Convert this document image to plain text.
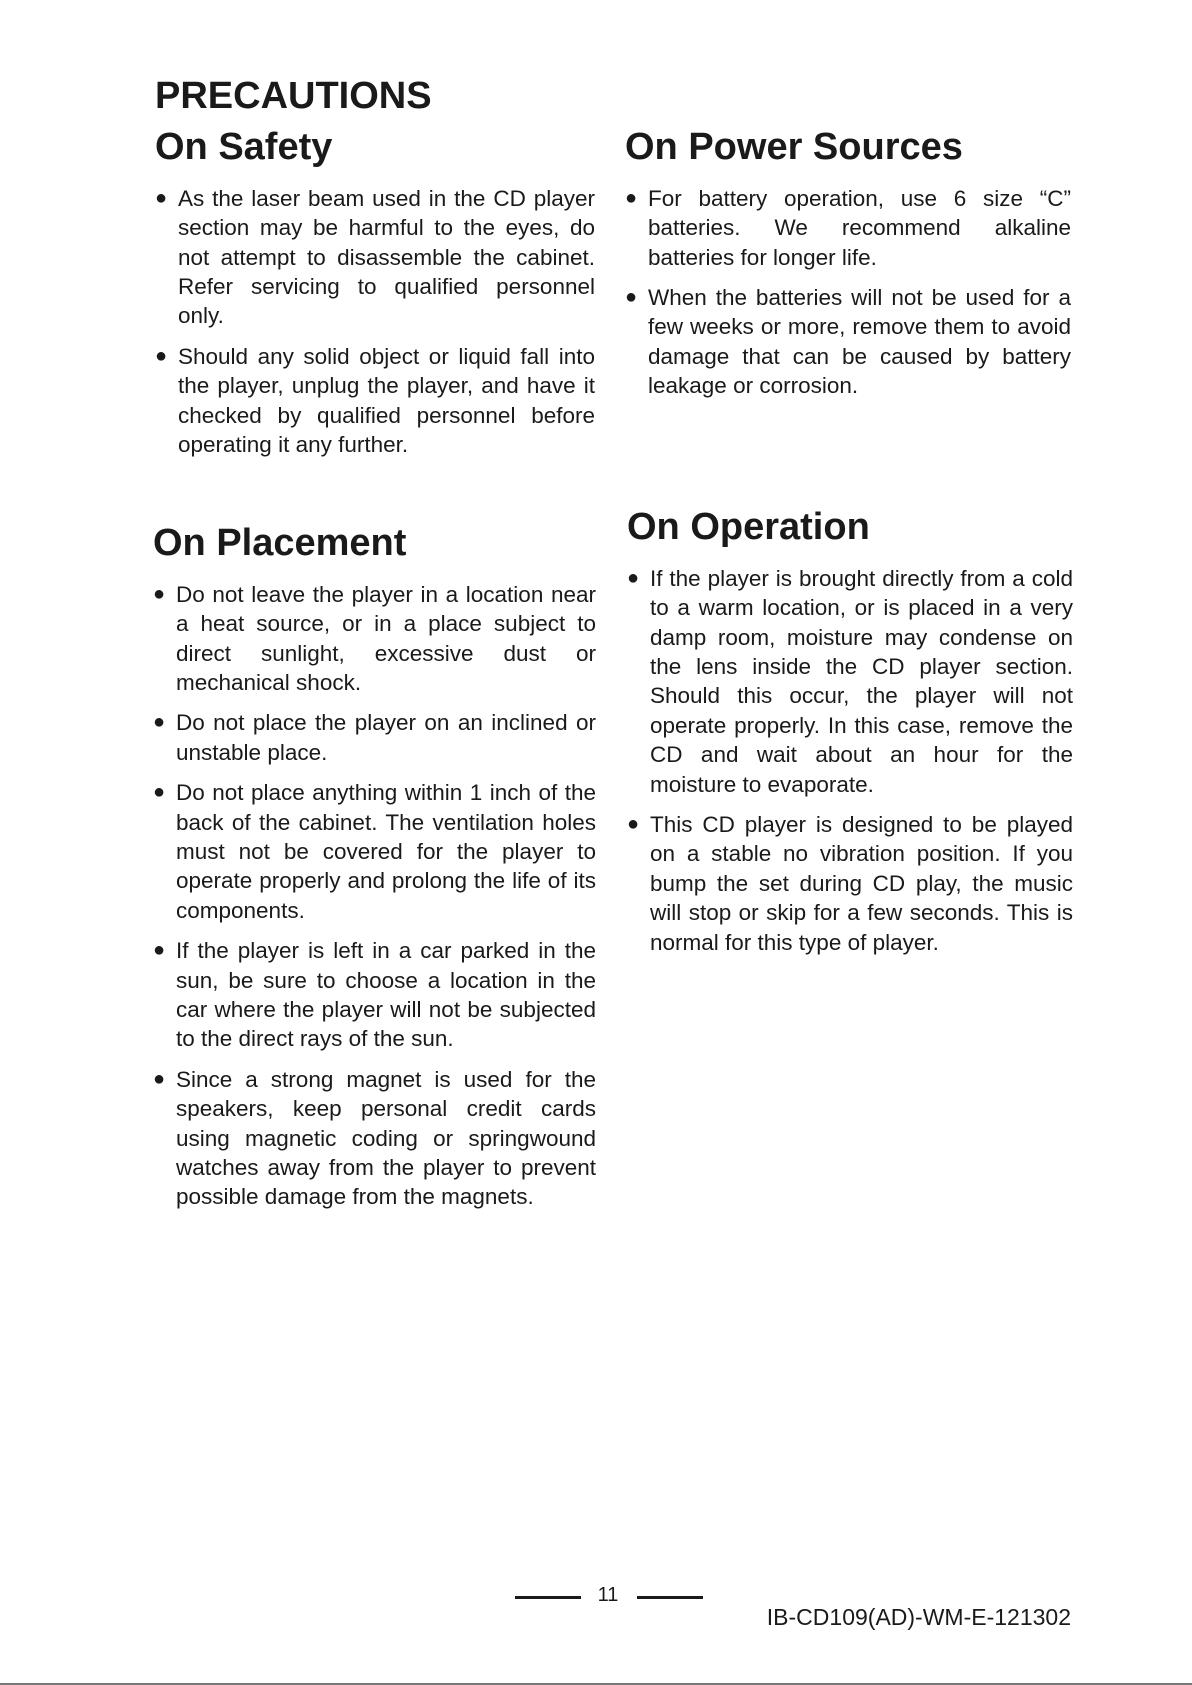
PRECAUTIONS
On Safety
● As the laser beam used in the CD player section may be harmful to the eyes, do not attempt to disassemble the cabinet. Refer servicing to qualified personnel only.
● Should any solid object or liquid fall into the player, unplug the player, and have it checked by qualified personnel before operating it any further.
On Power Sources
● For battery operation, use 6 size “C” batteries. We recommend alkaline batteries for longer life.
● When the batteries will not be used for a few weeks or more, remove them to avoid damage that can be caused by battery leakage or corrosion.
On Placement
● Do not leave the player in a location near a heat source, or in a place subject to direct sunlight, excessive dust or mechanical shock.
● Do not place the player on an inclined or unstable place.
● Do not place anything within 1 inch of the back of the cabinet. The ventilation holes must not be covered for the player to operate properly and prolong the life of its components.
● If the player is left in a car parked in the sun, be sure to choose a location in the car where the player will not be subjected to the direct rays of the sun.
● Since a strong magnet is used for the speakers, keep personal credit cards using magnetic coding or springwound watches away from the player to prevent possible damage from the magnets.
On Operation
● If the player is brought directly from a cold to a warm location, or is placed in a very damp room, moisture may condense on the lens inside the CD player section. Should this occur, the player will not operate properly. In this case, remove the CD and wait about an hour for the moisture to evaporate.
● This CD player is designed to be played on a stable no vibration position. If you bump the set during CD play, the music will stop or skip for a few seconds. This is normal for this type of player.
11
IB-CD109(AD)-WM-E-121302
